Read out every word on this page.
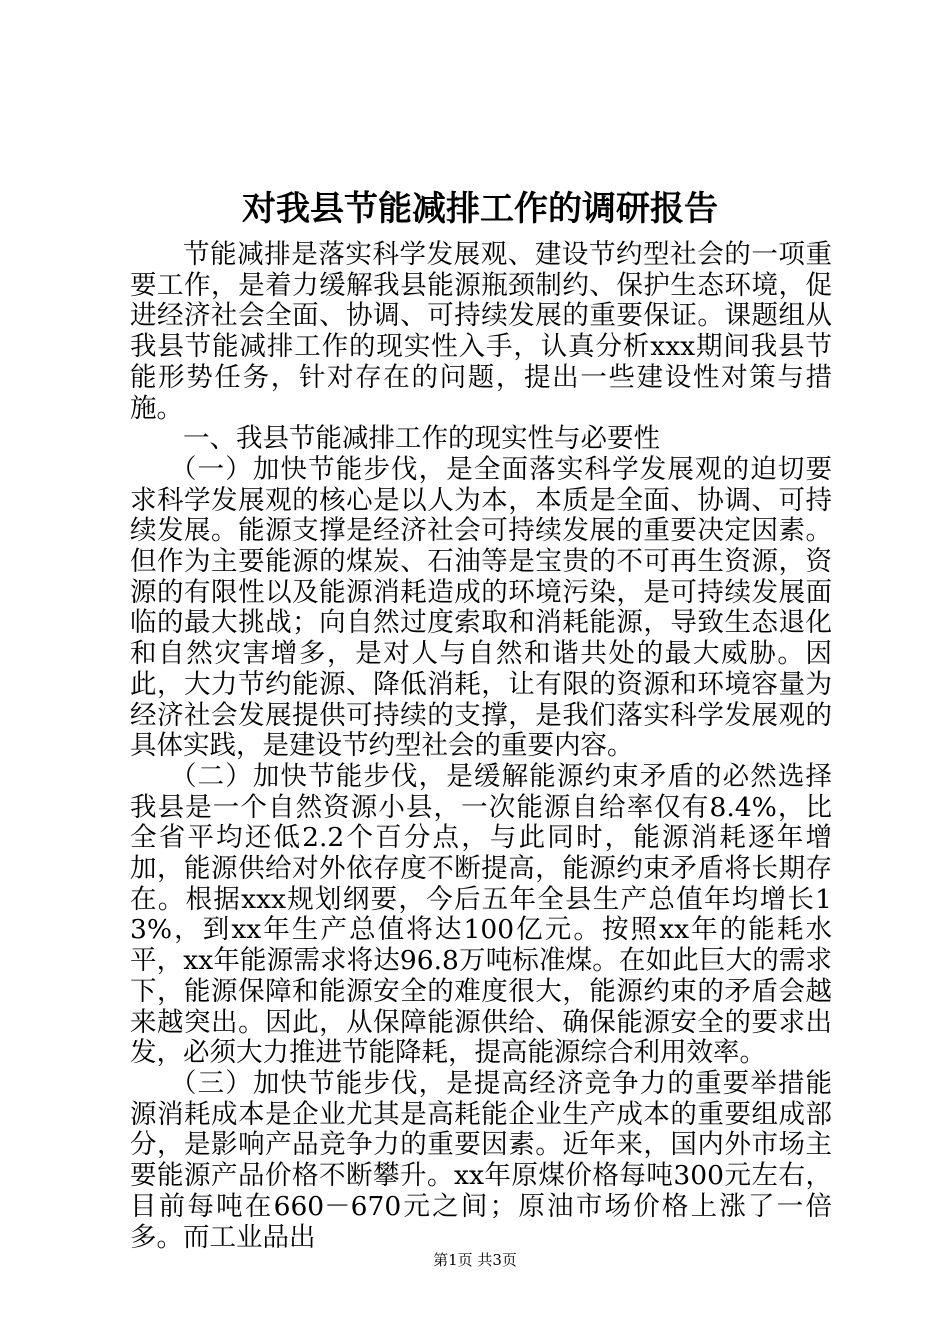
对我县节能减排工作的调研报告

节能减排是落实科学发展观、建设节约型社会的一项重要工作，是着力缓解我县能源瓶颈制约、保护生态环境，促进经济社会全面、协调、可持续发展的重要保证。课题组从我县节能减排工作的现实性入手，认真分析xxx期间我县节能形势任务，针对存在的问题，提出一些建设性对策与措施。

一、我县节能减排工作的现实性与必要性

（一）加快节能步伐，是全面落实科学发展观的迫切要求科学发展观的核心是以人为本，本质是全面、协调、可持续发展。能源支撑是经济社会可持续发展的重要决定因素。但作为主要能源的煤炭、石油等是宝贵的不可再生资源，资源的有限性以及能源消耗造成的环境污染，是可持续发展面临的最大挑战；向自然过度索取和消耗能源，导致生态退化和自然灾害增多，是对人与自然和谐共处的最大威胁。因此，大力节约能源、降低消耗，让有限的资源和环境容量为经济社会发展提供可持续的支撑，是我们落实科学发展观的具体实践，是建设节约型社会的重要内容。

（二）加快节能步伐，是缓解能源约束矛盾的必然选择我县是一个自然资源小县，一次能源自给率仅有8.4%，比全省平均还低2.2个百分点，与此同时，能源消耗逐年增加，能源供给对外依存度不断提高，能源约束矛盾将长期存在。根据xxx规划纲要，今后五年全县生产总值年均增长13%，到xx年生产总值将达100亿元。按照xx年的能耗水平，xx年能源需求将达96.8万吨标准煤。在如此巨大的需求下，能源保障和能源安全的难度很大，能源约束的矛盾会越来越突出。因此，从保障能源供给、确保能源安全的要求出发，必须大力推进节能降耗，提高能源综合利用效率。

（三）加快节能步伐，是提高经济竞争力的重要举措能源消耗成本是企业尤其是高耗能企业生产成本的重要组成部分，是影响产品竞争力的重要因素。近年来，国内外市场主要能源产品价格不断攀升。xx年原煤价格每吨300元左右，目前每吨在660－670元之间；原油市场价格上涨了一倍多。而工业品出

第1页 共3页
